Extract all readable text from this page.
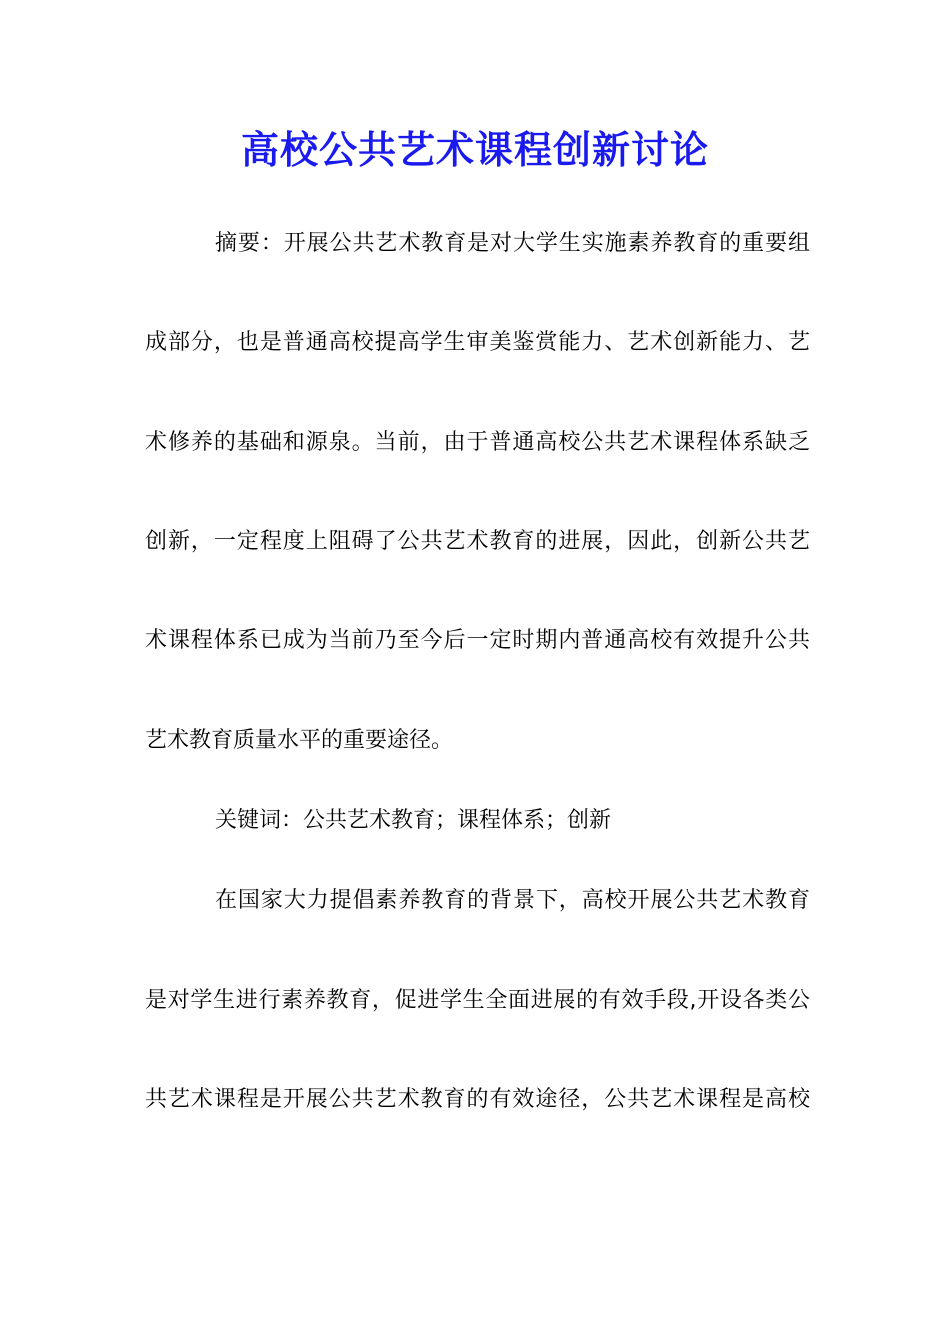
高校公共艺术课程创新讨论
摘要：开展公共艺术教育是对大学生实施素养教育的重要组
成部分，也是普通高校提高学生审美鉴赏能力、艺术创新能力、艺
术修养的基础和源泉。当前，由于普通高校公共艺术课程体系缺乏
创新，一定程度上阻碍了公共艺术教育的进展，因此，创新公共艺
术课程体系已成为当前乃至今后一定时期内普通高校有效提升公共
艺术教育质量水平的重要途径。
关键词：公共艺术教育；课程体系；创新
在国家大力提倡素养教育的背景下，高校开展公共艺术教育
是对学生进行素养教育，促进学生全面进展的有效手段,开设各类公
共艺术课程是开展公共艺术教育的有效途径，公共艺术课程是高校
